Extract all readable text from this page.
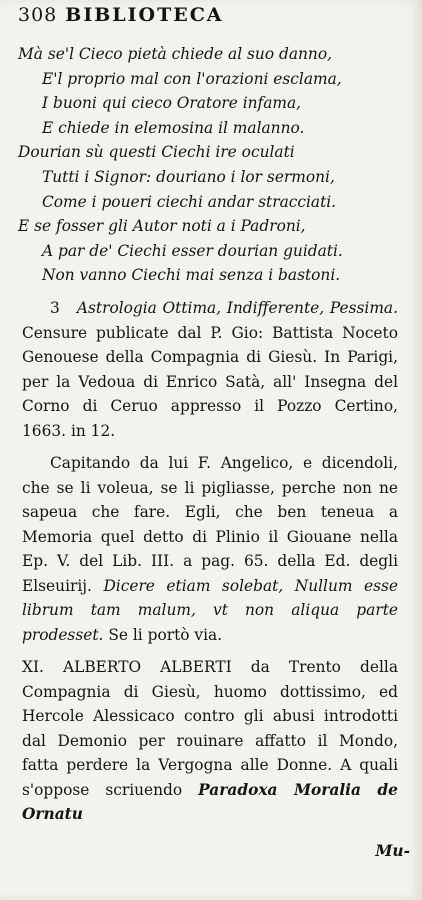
308 BIBLIOTECA
Mà se'l Cieco pietà chiede al suo danno,
E'l proprio mal con l'orazioni esclama,
I buoni qui cieco Oratore infama,
E chiede in elemosina il malanno.
Dourian sù questi Ciechi ire oculati
Tutti i Signor: douriano i lor sermoni,
Come i poueri ciechi andar stracciati.
E se fosser gli Autor noti a i Padroni,
A par de' Ciechi esser dourian guidati.
Non vanno Ciechi mai senza i bastoni.
3 Astrologia Ottima, Indifferente, Pessima. Censure publicate dal P. Gio: Battista Noceto Genouese della Compagnia di Giesù. In Parigi, per la Vedoua di Enrico Satà, all' Insegna del Corno di Ceruo appresso il Pozzo Certino, 1663. in 12.
Capitando da lui F. Angelico, e dicendoli, che se li voleua, se li pigliasse, perche non ne sapeua che fare. Egli, che ben teneua a Memoria quel detto di Plinio il Giouane nella Ep. V. del Lib. III. a pag. 65. della Ed. degli Elseuirij. Dicere etiam solebat, Nullum esse librum tam malum, vt non aliqua parte prodesset. Se li portò via.
XI. ALBERTO ALBERTI da Trento della Compagnia di Giesù, huomo dottissimo, ed Hercole Alessicaco contro gli abusi introdotti dal Demonio per rouinare affatto il Mondo, fatta perdere la Vergogna alle Donne. A quali s'oppose scriuendo Paradoxa Moralia de Ornatu
Mu-
